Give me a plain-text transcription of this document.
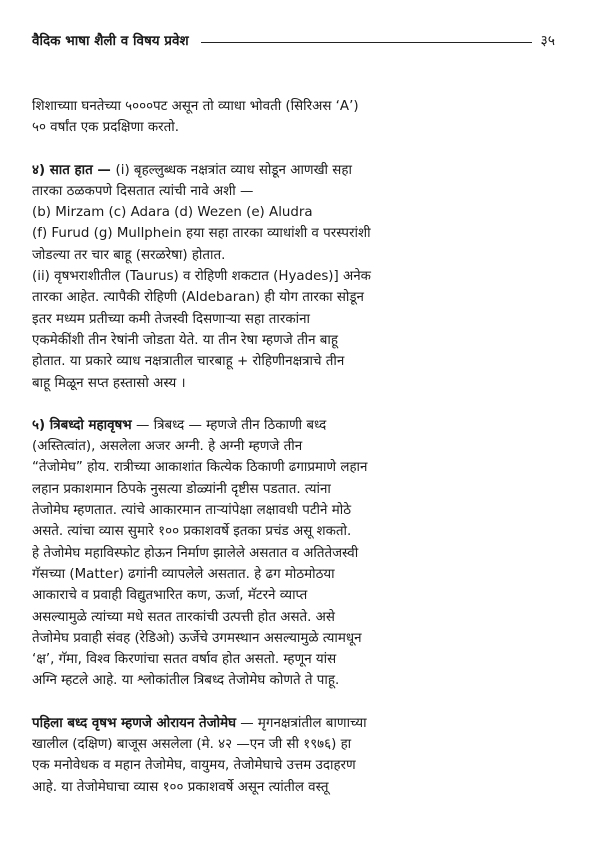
वैदिक भाषा शैली व विषय प्रवेश	३५
शिशाच्याा घनतेच्या ५०००पट असून तो व्याधा भोवती (सिरिअस ‘A’)
५० वर्षांत एक प्रदक्षिणा करतो.
४) सात हात — (i) बृहल्लुब्धक नक्षत्रांत व्याध सोडून आणखी सहा
तारका ठळकपणे दिसतात त्यांची नावे अशी —
(b) Mirzam (c) Adara (d) Wezen (e) Aludra
(f) Furud (g) Mullphein हया सहा तारका व्याधांशी व परस्परांशी
जोडल्या तर चार बाहू (सरळरेषा) होतात.
(ii) वृषभराशीतील (Taurus) व रोहिणी शकटात (Hyades)] अनेक
तारका आहेत. त्यापैकी रोहिणी (Aldebaran) ही योग तारका सोडून
इतर मध्यम प्रतीच्या कमी तेजस्वी दिसणाऱ्या सहा तारकांना
एकमेकींशी तीन रेषांनी जोडता येते. या तीन रेषा म्हणजे तीन बाहू
होतात. या प्रकारे व्याध नक्षत्रातील चारबाहू + रोहिणीनक्षत्राचे तीन
बाहू मिळून सप्त हस्तासो अस्य ।
५) त्रिबध्दो महावृषभ — त्रिबध्द — म्हणजे तीन ठिकाणी बध्द
(अस्तित्वांत), असलेला अजर अग्नी. हे अग्नी म्हणजे तीन
“तेजोमेघ” होय. रात्रीच्या आकाशांत कित्येक ठिकाणी ढगाप्रमाणे लहान
लहान प्रकाशमान ठिपके नुसत्या डोळ्यांनी दृष्टीस पडतात. त्यांना
तेजोमेघ म्हणतात. त्यांचे आकारमान ताऱ्यांपेक्षा लक्षावधी पटीने मोठे
असते. त्यांचा व्यास सुमारे १०० प्रकाशवर्षे इतका प्रचंड असू शकतो.
हे तेजोमेघ महाविस्फोट होऊन निर्माण झालेले असतात व अतितेजस्वी
गॅसच्या (Matter) ढगांनी व्यापलेले असतात. हे ढग मोठमोठया
आकाराचे व प्रवाही विद्युतभारित कण, ऊर्जा, मॅटरने व्याप्त
असल्यामुळे त्यांच्या मधे सतत तारकांची उत्पत्ती होत असते. असे
तेजोमेघ प्रवाही संवह (रेडिओ) ऊर्जेचे उगमस्थान असल्यामुळे त्यामधून
‘क्ष’, गॅमा, विश्व किरणांचा सतत वर्षाव होत असतो. म्हणून यांस
अग्नि म्हटले आहे. या श्लोकांतील त्रिबध्द तेजोमेघ कोणते ते पाहू.
पहिला बध्द वृषभ म्हणजे ओरायन तेजोमेघ — मृगनक्षत्रांतील बाणाच्या
खालील (दक्षिण) बाजूस असलेला (मे. ४२ —एन जी सी १९७६) हा
एक मनोवेधक व महान तेजोमेघ, वायुमय, तेजोमेघाचे उत्तम उदाहरण
आहे. या तेजोमेघाचा व्यास १०० प्रकाशवर्षे असून त्यांतील वस्तू
